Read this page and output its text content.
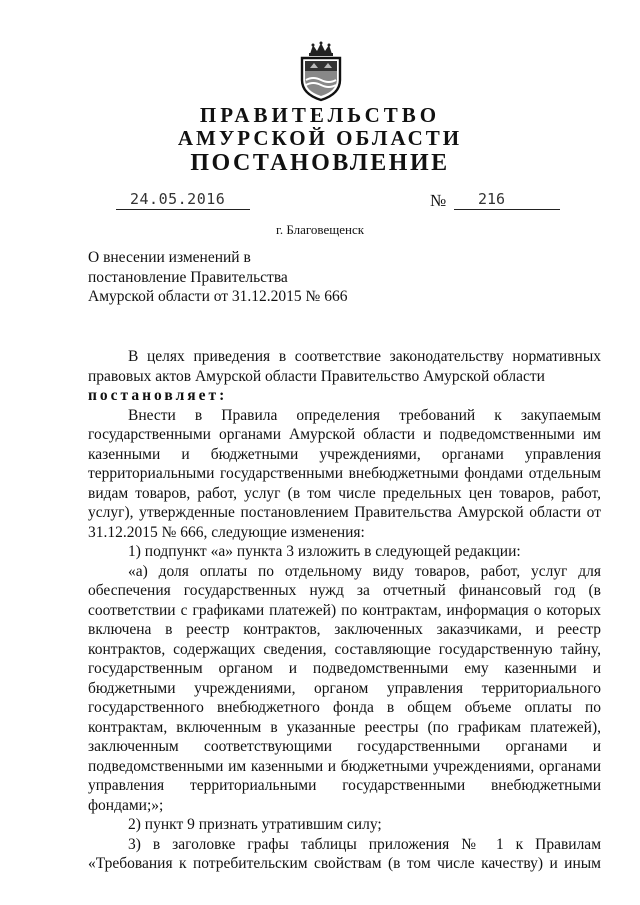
ПРАВИТЕЛЬСТВО
АМУРСКОЙ ОБЛАСТИ
ПОСТАНОВЛЕНИЕ
24.05.2016	№ 216
г. Благовещенск
О внесении изменений в
постановление Правительства
Амурской области от 31.12.2015 № 666
В целях приведения в соответствие законодательству нормативных
правовых актов Амурской области Правительство Амурской области
постановляет:
Внести в Правила определения требований к закупаемым
государственными органами Амурской области и подведомственными им
казенными и бюджетными учреждениями, органами управления
территориальными государственными внебюджетными фондами отдельным
видам товаров, работ, услуг (в том числе предельных цен товаров, работ,
услуг), утвержденные постановлением Правительства Амурской области от
31.12.2015 № 666, следующие изменения:
1) подпункт «а» пункта 3 изложить в следующей редакции:
«а) доля оплаты по отдельному виду товаров, работ, услуг для
обеспечения государственных нужд за отчетный финансовый год (в
соответствии с графиками платежей) по контрактам, информация о которых
включена в реестр контрактов, заключенных заказчиками, и реестр
контрактов, содержащих сведения, составляющие государственную тайну,
государственным органом и подведомственными ему казенными и
бюджетными учреждениями, органом управления территориального
государственного внебюджетного фонда в общем объеме оплаты по
контрактам, включенным в указанные реестры (по графикам платежей),
заключенным соответствующими государственными органами и
подведомственными им казенными и бюджетными учреждениями, органами
управления территориальными государственными внебюджетными
фондами;»;
2) пункт 9 признать утратившим силу;
3) в заголовке графы таблицы приложения № 1 к Правилам
«Требования к потребительским свойствам (в том числе качеству) и иным
